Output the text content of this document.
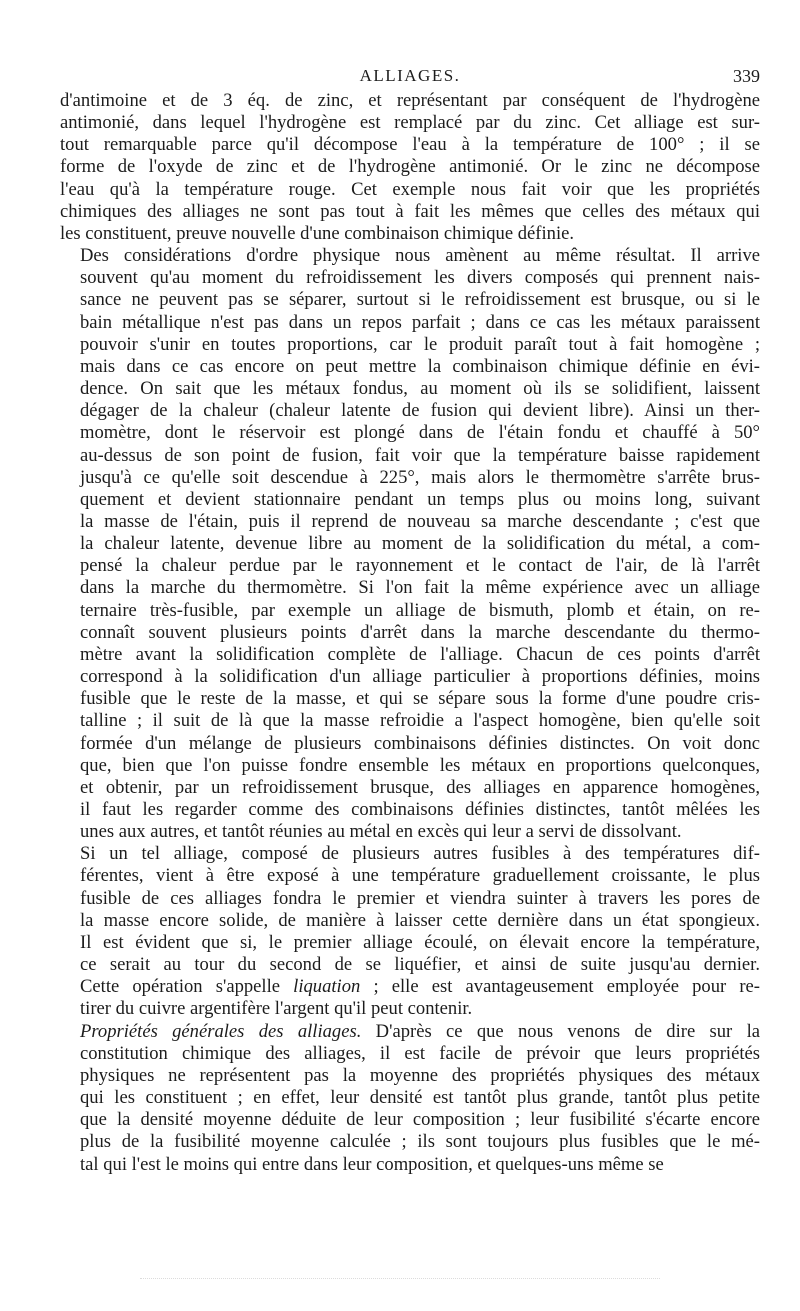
ALLIAGES.	339

d'antimoine et de 3 éq. de zinc, et représentant par conséquent de l'hydrogène
antimonié, dans lequel l'hydrogène est remplacé par du zinc. Cet alliage est sur-
tout remarquable parce qu'il décompose l'eau à la température de 100° ; il se
forme de l'oxyde de zinc et de l'hydrogène antimonié. Or le zinc ne décompose
l'eau qu'à la température rouge. Cet exemple nous fait voir que les propriétés
chimiques des alliages ne sont pas tout à fait les mêmes que celles des métaux qui
les constituent, preuve nouvelle d'une combinaison chimique définie.

Des considérations d'ordre physique nous amènent au même résultat. Il arrive
souvent qu'au moment du refroidissement les divers composés qui prennent nais-
sance ne peuvent pas se séparer, surtout si le refroidissement est brusque, ou si le
bain métallique n'est pas dans un repos parfait ; dans ce cas les métaux paraissent
pouvoir s'unir en toutes proportions, car le produit paraît tout à fait homogène ;
mais dans ce cas encore on peut mettre la combinaison chimique définie en évi-
dence. On sait que les métaux fondus, au moment où ils se solidifient, laissent
dégager de la chaleur (chaleur latente de fusion qui devient libre). Ainsi un ther-
momètre, dont le réservoir est plongé dans de l'étain fondu et chauffé à 50°
au-dessus de son point de fusion, fait voir que la température baisse rapidement
jusqu'à ce qu'elle soit descendue à 225°, mais alors le thermomètre s'arrête brus-
quement et devient stationnaire pendant un temps plus ou moins long, suivant
la masse de l'étain, puis il reprend de nouveau sa marche descendante ; c'est que
la chaleur latente, devenue libre au moment de la solidification du métal, a com-
pensé la chaleur perdue par le rayonnement et le contact de l'air, de là l'arrêt
dans la marche du thermomètre. Si l'on fait la même expérience avec un alliage
ternaire très-fusible, par exemple un alliage de bismuth, plomb et étain, on re-
connaît souvent plusieurs points d'arrêt dans la marche descendante du thermo-
mètre avant la solidification complète de l'alliage. Chacun de ces points d'arrêt
correspond à la solidification d'un alliage particulier à proportions définies, moins
fusible que le reste de la masse, et qui se sépare sous la forme d'une poudre cris-
talline ; il suit de là que la masse refroidie a l'aspect homogène, bien qu'elle soit
formée d'un mélange de plusieurs combinaisons définies distinctes. On voit donc
que, bien que l'on puisse fondre ensemble les métaux en proportions quelconques,
et obtenir, par un refroidissement brusque, des alliages en apparence homogènes,
il faut les regarder comme des combinaisons définies distinctes, tantôt mêlées les
unes aux autres, et tantôt réunies au métal en excès qui leur a servi de dissolvant.

Si un tel alliage, composé de plusieurs autres fusibles à des températures dif-
férentes, vient à être exposé à une température graduellement croissante, le plus
fusible de ces alliages fondra le premier et viendra suinter à travers les pores de
la masse encore solide, de manière à laisser cette dernière dans un état spongieux.
Il est évident que si, le premier alliage écoulé, on élevait encore la température,
ce serait au tour du second de se liquéfier, et ainsi de suite jusqu'au dernier.
Cette opération s'appelle liquation ; elle est avantageusement employée pour re-
tirer du cuivre argentifère l'argent qu'il peut contenir.

Propriétés générales des alliages. D'après ce que nous venons de dire sur la
constitution chimique des alliages, il est facile de prévoir que leurs propriétés
physiques ne représentent pas la moyenne des propriétés physiques des métaux
qui les constituent ; en effet, leur densité est tantôt plus grande, tantôt plus petite
que la densité moyenne déduite de leur composition ; leur fusibilité s'écarte encore
plus de la fusibilité moyenne calculée ; ils sont toujours plus fusibles que le mé-
tal qui l'est le moins qui entre dans leur composition, et quelques-uns même se
